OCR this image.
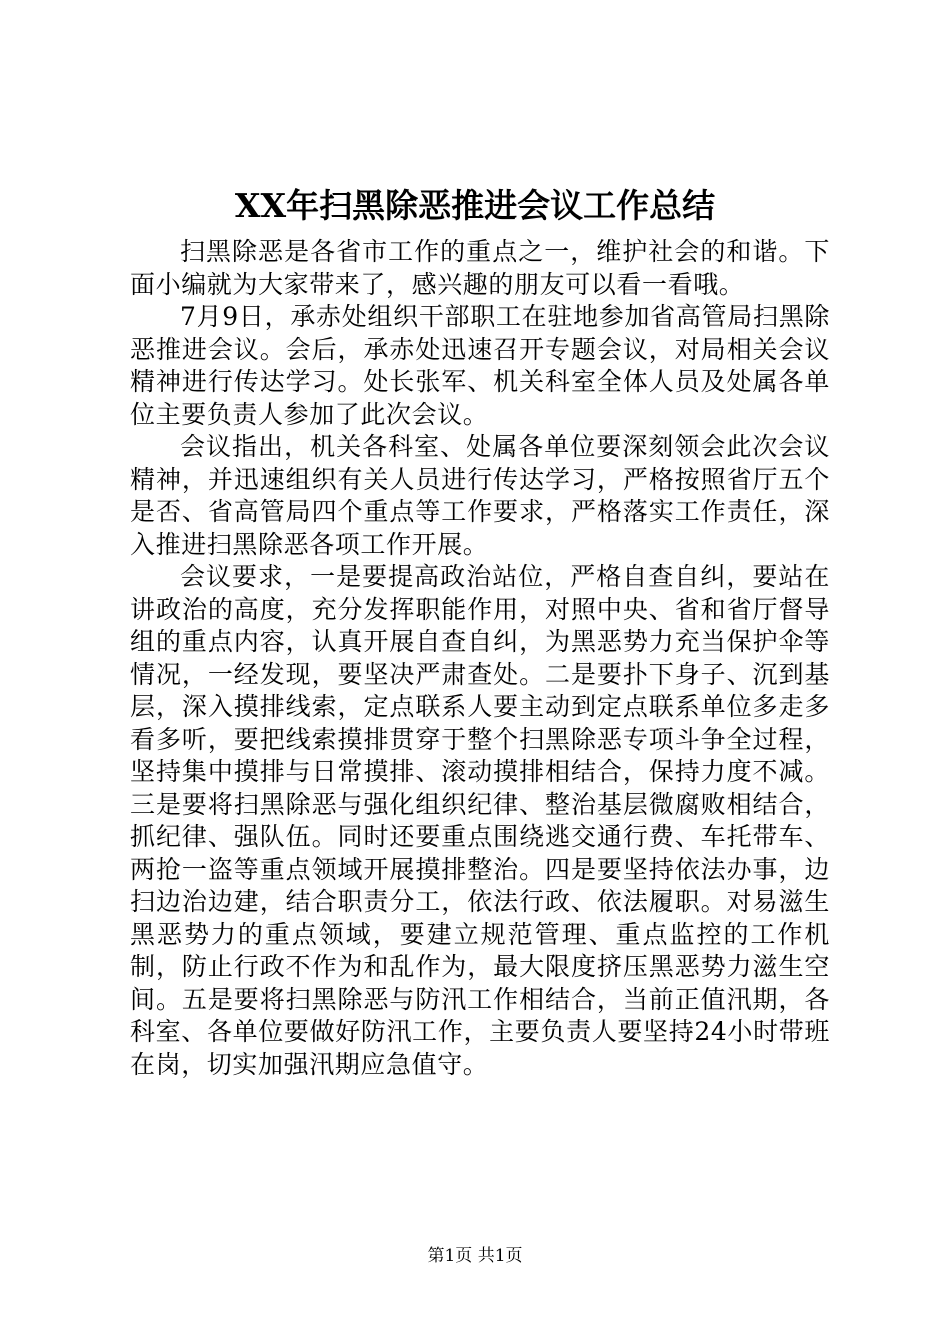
XX年扫黑除恶推进会议工作总结

扫黑除恶是各省市工作的重点之一，维护社会的和谐。下面小编就为大家带来了，感兴趣的朋友可以看一看哦。

7月9日，承赤处组织干部职工在驻地参加省高管局扫黑除恶推进会议。会后，承赤处迅速召开专题会议，对局相关会议精神进行传达学习。处长张军、机关科室全体人员及处属各单位主要负责人参加了此次会议。

会议指出，机关各科室、处属各单位要深刻领会此次会议精神，并迅速组织有关人员进行传达学习，严格按照省厅五个是否、省高管局四个重点等工作要求，严格落实工作责任，深入推进扫黑除恶各项工作开展。

会议要求，一是要提高政治站位，严格自查自纠，要站在讲政治的高度，充分发挥职能作用，对照中央、省和省厅督导组的重点内容，认真开展自查自纠，为黑恶势力充当保护伞等情况，一经发现，要坚决严肃查处。二是要扑下身子、沉到基层，深入摸排线索，定点联系人要主动到定点联系单位多走多看多听，要把线索摸排贯穿于整个扫黑除恶专项斗争全过程，坚持集中摸排与日常摸排、滚动摸排相结合，保持力度不减。三是要将扫黑除恶与强化组织纪律、整治基层微腐败相结合，抓纪律、强队伍。同时还要重点围绕逃交通行费、车托带车、两抢一盗等重点领域开展摸排整治。四是要坚持依法办事，边扫边治边建，结合职责分工，依法行政、依法履职。对易滋生黑恶势力的重点领域，要建立规范管理、重点监控的工作机制，防止行政不作为和乱作为，最大限度挤压黑恶势力滋生空间。五是要将扫黑除恶与防汛工作相结合，当前正值汛期，各科室、各单位要做好防汛工作，主要负责人要坚持24小时带班在岗，切实加强汛期应急值守。

第1页 共1页
